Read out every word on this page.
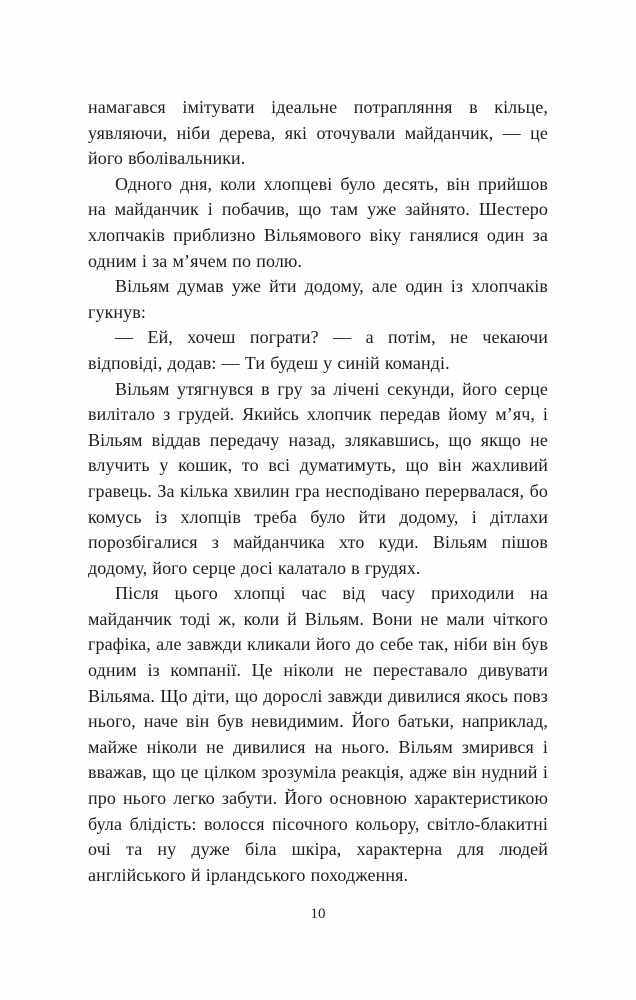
намагався імітувати ідеальне потрапляння в кільце, уявляючи, ніби дерева, які оточували майданчик, — це його вболівальники.

Одного дня, коли хлопцеві було десять, він прийшов на майданчик і побачив, що там уже зайнято. Шестеро хлопчаків приблизно Вільямового віку ганялися один за одним і за м’ячем по полю.

Вільям думав уже йти додому, але один із хлопчаків гукнув:

— Ей, хочеш пограти? — а потім, не чекаючи відповіді, додав: — Ти будеш у синій команді.

Вільям утягнувся в гру за лічені секунди, його серце вилітало з грудей. Якийсь хлопчик передав йому м’яч, і Вільям віддав передачу назад, злякавшись, що якщо не влучить у кошик, то всі думатимуть, що він жахливий гравець. За кілька хвилин гра несподівано перервалася, бо комусь із хлопців треба було йти додому, і дітлахи порозбігалися з майданчика хто куди. Вільям пішов додому, його серце досі калатало в грудях.

Після цього хлопці час від часу приходили на майданчик тоді ж, коли й Вільям. Вони не мали чіткого графіка, але завжди кликали його до себе так, ніби він був одним із компанії. Це ніколи не переставало дивувати Вільяма. Що діти, що дорослі завжди дивилися якось повз нього, наче він був невидимим. Його батьки, наприклад, майже ніколи не дивилися на нього. Вільям змирився і вважав, що це цілком зрозуміла реакція, адже він нудний і про нього легко забути. Його основною характеристикою була блідість: волосся пісочного кольору, світло-блакитні очі та ну дуже біла шкіра, характерна для людей англійського й ірландського походження.

10
